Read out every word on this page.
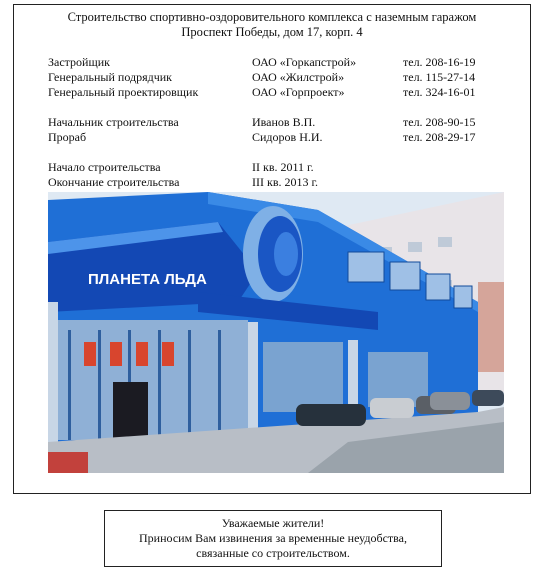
Строительство спортивно-оздоровительного комплекса с наземным гаражом
Проспект Победы, дом 17, корп. 4
Застройщик	ОАО «Горкапстрой»	тел. 208-16-19
Генеральный подрядчик	ОАО «Жилстрой»	тел. 115-27-14
Генеральный проектировщик	ОАО «Горпроект»	тел. 324-16-01
Начальник строительства	Иванов В.П.	тел. 208-90-15
Прораб	Сидоров Н.И.	тел. 208-29-17
Начало строительства	II кв. 2011 г.
Окончание строительства	III кв. 2013 г.
ПЛАНЕТА ЛЬДА
Уважаемые жители!
Приносим Вам извинения за временные неудобства,
связанные со строительством.
